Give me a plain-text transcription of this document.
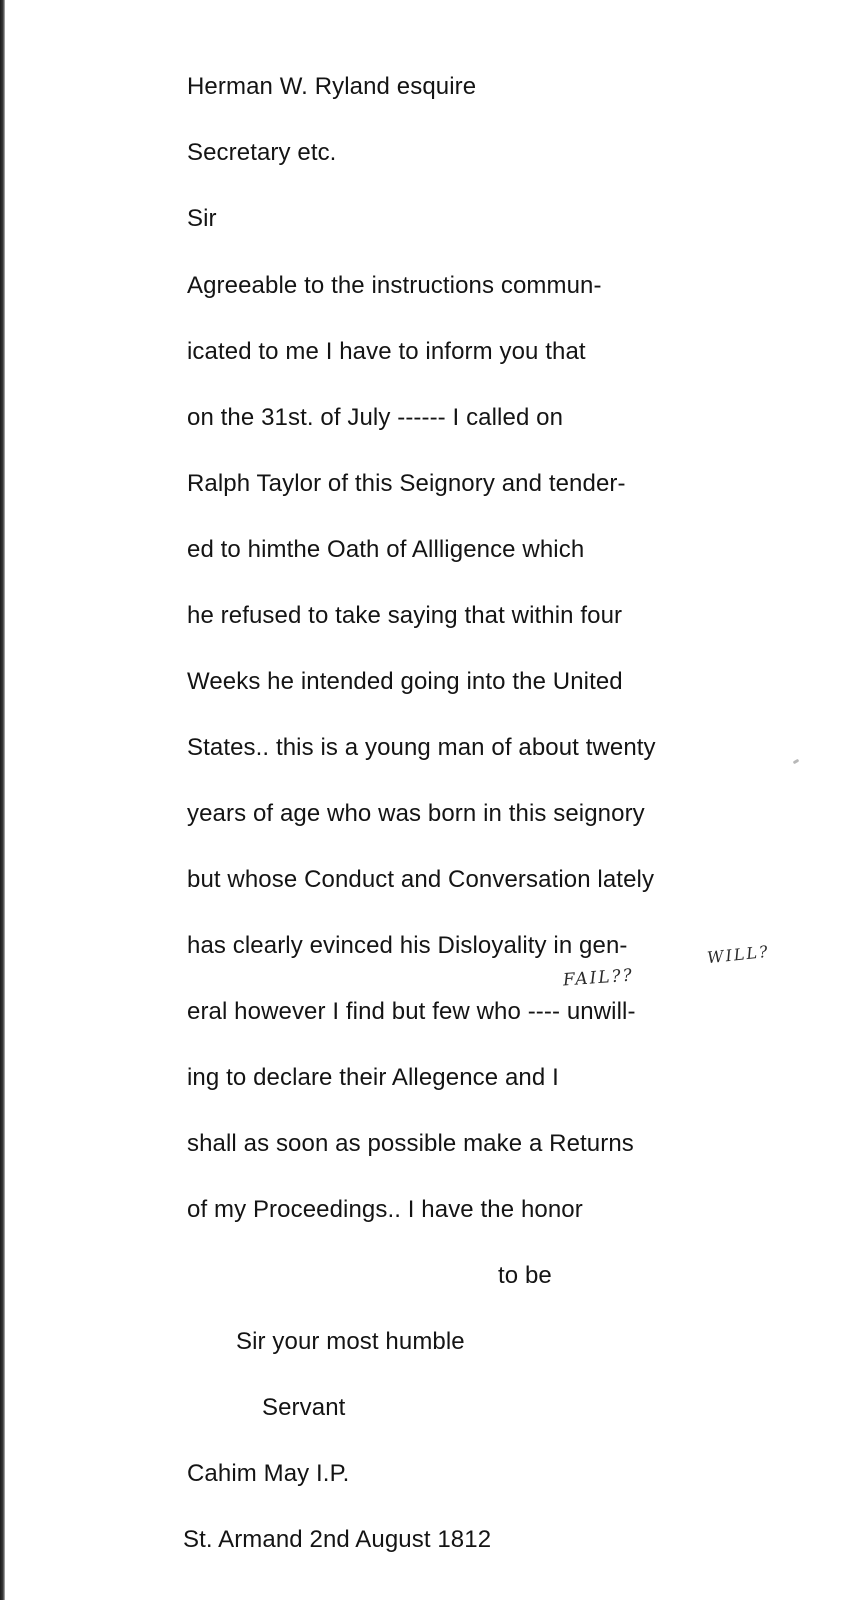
Herman W. Ryland esquire
Secretary etc.
Sir
Agreeable to the instructions commun-
icated to me I have to inform you that
on the 31st. of July ------ I called on
Ralph Taylor of this Seignory and tender-
ed to himthe Oath of Allligence which
he refused to take saying that within four
Weeks he intended going into the United
States.. this is a young man of about twenty
years of age who was born in this seignory
but whose Conduct and Conversation lately
has clearly evinced his Disloyality in gen-
eral however I find but few who ---- unwill-
ing to declare their Allegence and I
shall as soon as possible make a Returns
of my Proceedings.. I have the honor
to be
Sir your most humble
Servant
Cahim May I.P.
St. Armand 2nd August 1812
FAIL??
WILL?
